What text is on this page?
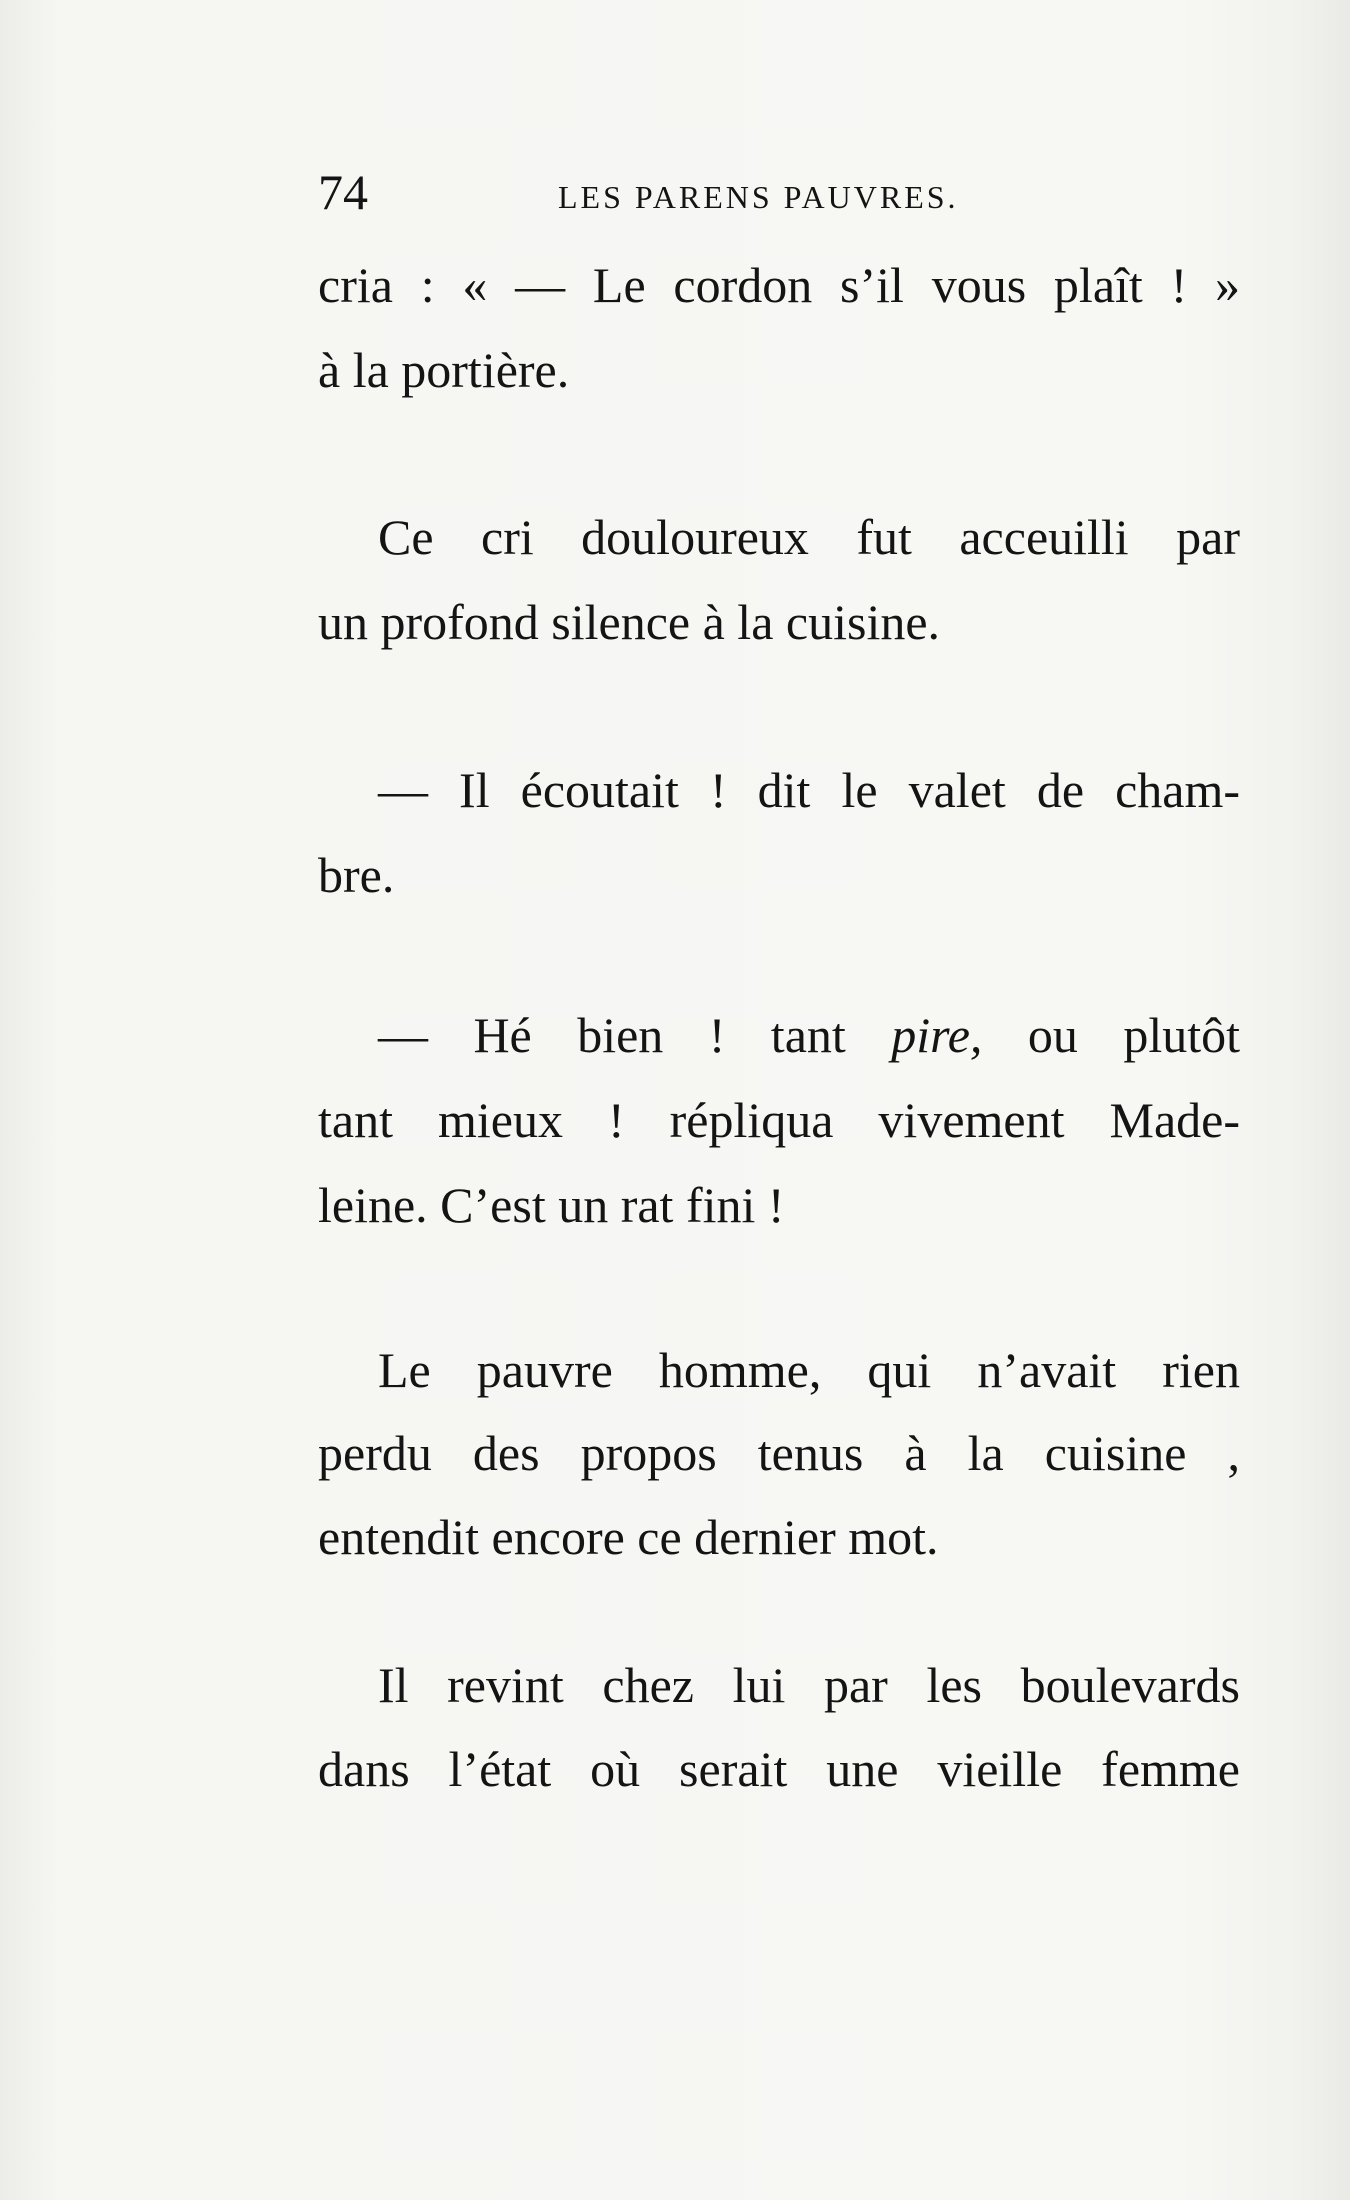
74	LES PARENS PAUVRES.
cria : « — Le cordon s’il vous plaît ! »
à la portière.
Ce cri douloureux fut acceuilli par
un profond silence à la cuisine.
— Il écoutait ! dit le valet de cham-
bre.
— Hé bien ! tant pire, ou plutôt
tant mieux ! répliqua vivement Made-
leine. C’est un rat fini !
Le pauvre homme, qui n’avait rien
perdu des propos tenus à la cuisine ,
entendit encore ce dernier mot.
Il revint chez lui par les boulevards
dans l’état où serait une vieille femme
